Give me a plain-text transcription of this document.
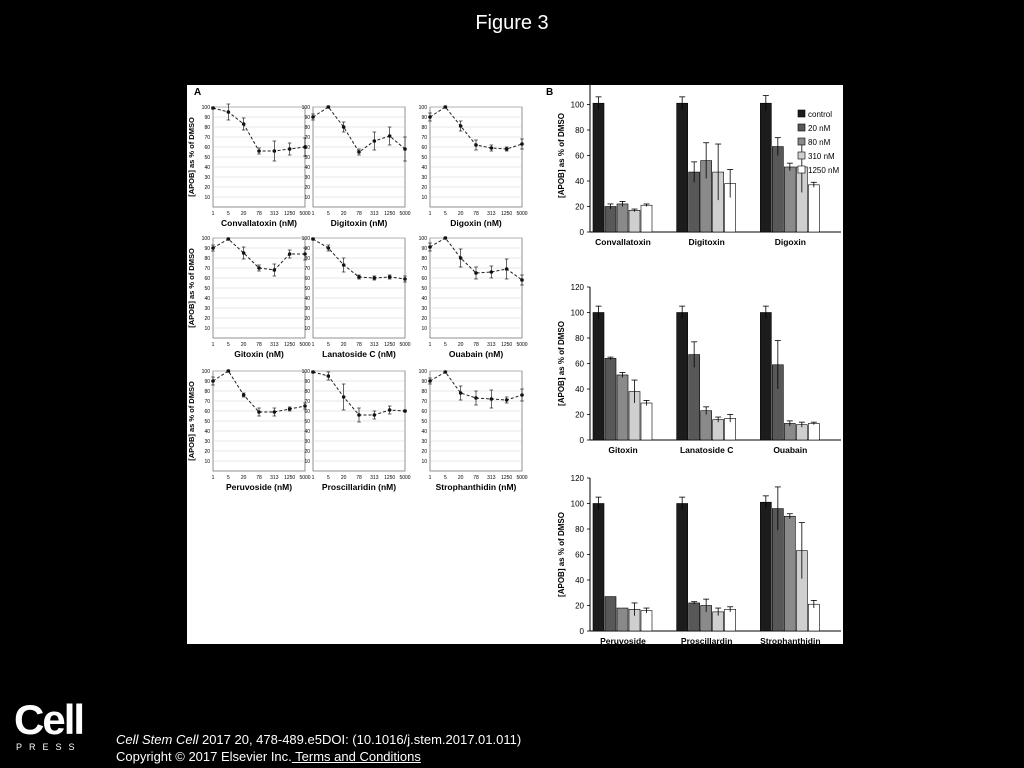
Figure 3
A	B
10
20
30
40
50
60
70
80
90
100
1	5 20 78 313 1250 5000
Convallatoxin (nM)
[APOB] as % of DMSO
10
20
30
40
50
60
70
80
90
100
1	5 20 78 313 1250 5000
Digitoxin (nM)
10
20
30
40
50
60
70
80
90
100
1	5 20 78 313 1250 5000
Digoxin (nM)
10
20
30
40
50
60
70
80
90
100
1	5 20 78 313 1250 5000
Gitoxin (nM)
[APOB] as % of DMSO
10
20
30
40
50
60
70
80
90
100
1	5 20 78 313 1250 5000
Lanatoside C (nM)
10
20
30
40
50
60
70
80
90
100
1	5 20 78 313 1250 5000
Ouabain (nM)
10
20
30
40
50
60
70
80
90
100
1	5 20 78 313 1250 5000
Peruvoside (nM)
[APOB] as % of DMSO
10
20
30
40
50
60
70
80
90
100
1	5 20 78 313 1250 5000
Proscillaridin (nM)
10
20
30
40
50
60
70
80
90
100
1	5 20 78 313 1250 5000
Strophanthidin (nM)
0
20
40
60
80
100
120
[APOB] as % of DMSO
Convallatoxin	Digitoxin	Digoxin
0
20
40
60
80
100
120
[APOB] as % of DMSO
Gitoxin	Lanatoside C	Ouabain
0
20
40
60
80
100
120
[APOB] as % of DMSO
Peruvoside	Proscillardin	Strophanthidin
control
20 nM
80 nM
310 nM
1250 nM
Cell
PRESS	Cell Stem Cell 2017 20, 478-489.e5DOI: (10.1016/j.stem.2017.01.011)
Copyright © 2017 Elsevier Inc. Terms and Conditions
